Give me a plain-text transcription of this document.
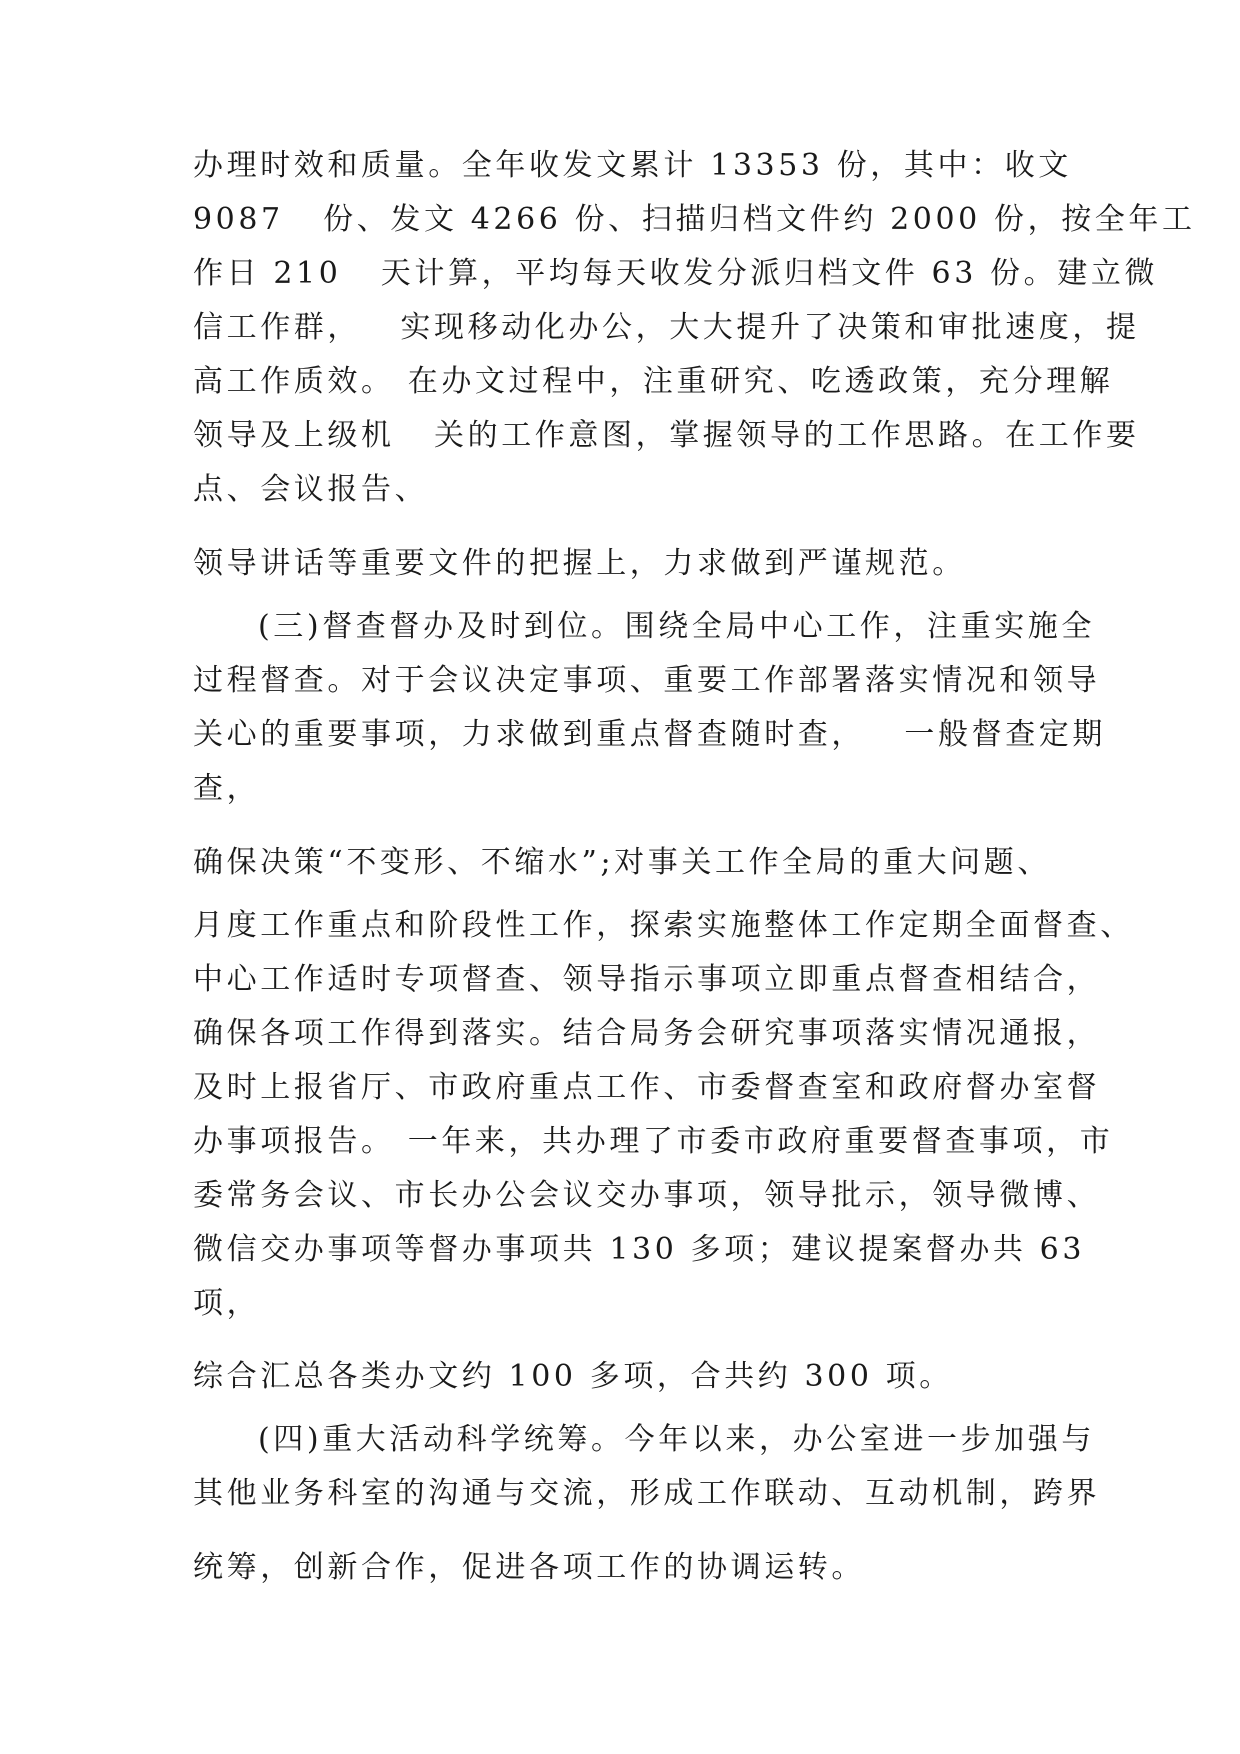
办理时效和质量。全年收发文累计 13353 份，其中：收文
9087   份、发文 4266 份、扫描归档文件约 2000 份，按全年工
作日 210   天计算，平均每天收发分派归档文件 63 份。建立微
信工作群，   实现移动化办公，大大提升了决策和审批速度，提
高工作质效。 在办文过程中，注重研究、吃透政策，充分理解
领导及上级机   关的工作意图，掌握领导的工作思路。在工作要
点、会议报告、
领导讲话等重要文件的把握上，力求做到严谨规范。
(三)督查督办及时到位。围绕全局中心工作，注重实施全
过程督查。对于会议决定事项、重要工作部署落实情况和领导
关心的重要事项，力求做到重点督查随时查，   一般督查定期
查，
确保决策“不变形、不缩水”;对事关工作全局的重大问题、
月度工作重点和阶段性工作，探索实施整体工作定期全面督查、
中心工作适时专项督查、领导指示事项立即重点督查相结合，
确保各项工作得到落实。结合局务会研究事项落实情况通报，
及时上报省厅、市政府重点工作、市委督查室和政府督办室督
办事项报告。 一年来，共办理了市委市政府重要督查事项，市
委常务会议、市长办公会议交办事项，领导批示，领导微博、
微信交办事项等督办事项共 130 多项；建议提案督办共 63
项，
综合汇总各类办文约 100 多项，合共约 300 项。
(四)重大活动科学统筹。今年以来，办公室进一步加强与
其他业务科室的沟通与交流，形成工作联动、互动机制，跨界
统筹，创新合作，促进各项工作的协调运转。
